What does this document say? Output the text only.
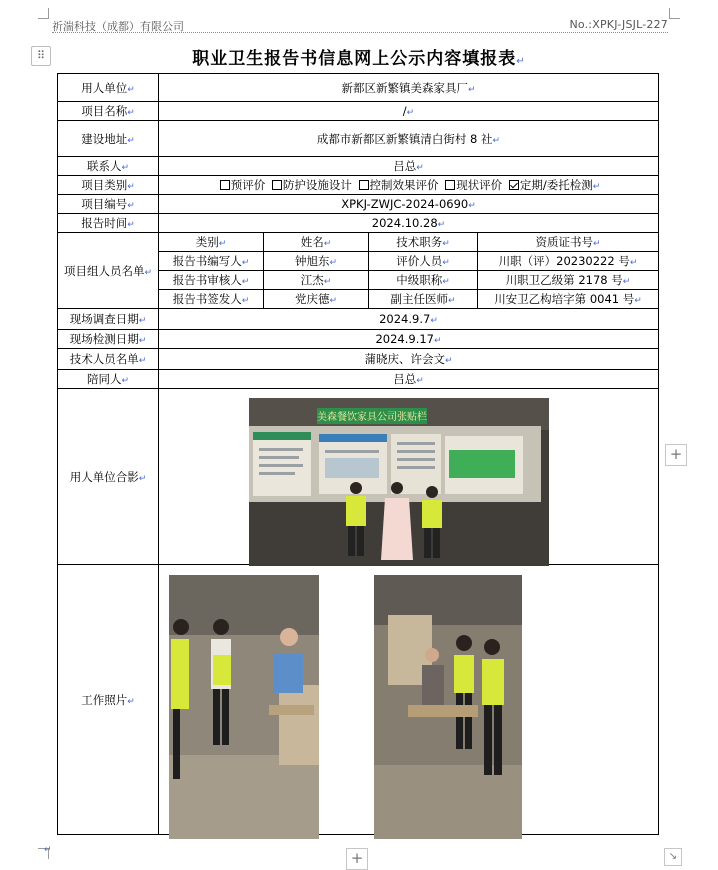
祈湍科技（成都）有限公司	No.:XPKJ-JSJL-227
⠿	职业卫生报告书信息网上公示内容填报表↵
用人单位↵	新都区新繁镇美森家具厂↵
项目名称↵	/↵
建设地址↵	成都市新都区新繁镇清白街村 8 社↵
联系人↵	吕总↵
项目类别↵	预评价 防护设施设计 控制效果评价 现状评价 定期/委托检测↵
项目编号↵	XPKJ-ZWJC-2024-0690↵
报告时间↵	2024.10.28↵
项目组人员名单↵	
类别↵	姓名↵	技术职务↵	资质证书号↵
报告书编写人↵	钟旭东↵	评价人员↵	川职（评）20230222 号↵
报告书审核人↵	江杰↵	中级职称↵	川职卫乙级第 2178 号↵
报告书签发人↵	党庆德↵	副主任医师↵	川安卫乙构培字第 0041 号↵

现场调查日期↵	2024.9.7↵
现场检测日期↵	2024.9.17↵
技术人员名单↵	蒲晓庆、许会文↵
陪同人↵	吕总↵
用人单位合影↵	
工作照片↵	
美森餐饮家具公司张贴栏
+
+	↘
↵
